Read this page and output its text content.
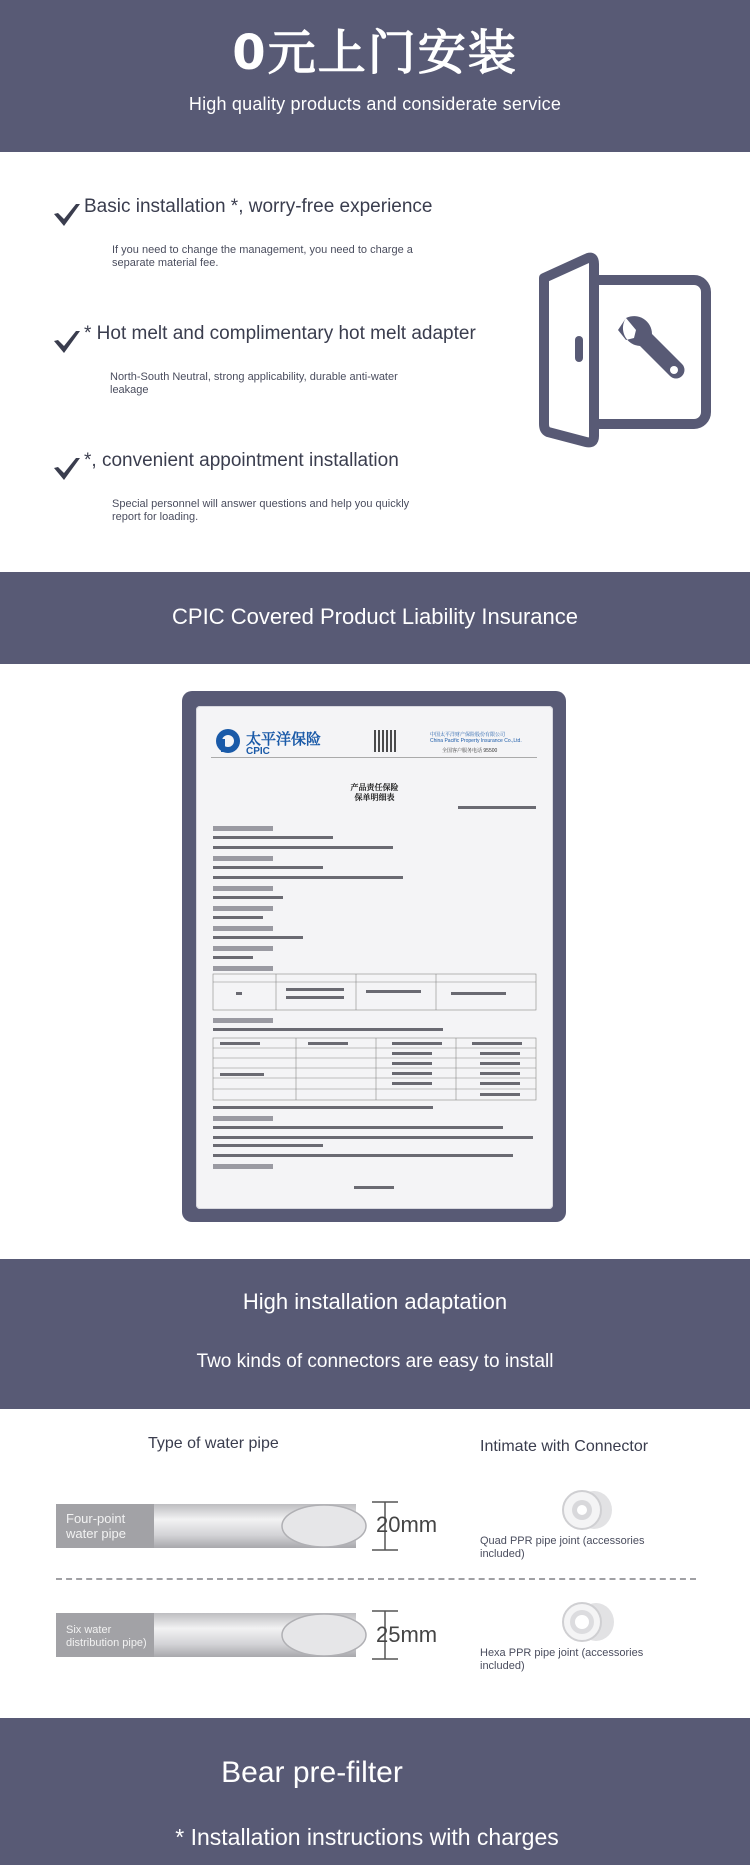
0元上门安装
High quality products and considerate service
Basic installation *, worry-free experience
If you need to change the management, you need to charge a separate material fee.
* Hot melt and complimentary hot melt adapter
North-South Neutral, strong applicability, durable anti-water leakage
*, convenient appointment installation
Special personnel will answer questions and help you quickly report for loading.
CPIC Covered Product Liability Insurance
太平洋保险
CPIC
中国太平洋财产保险股份有限公司
China Pacific Property Insurance Co.,Ltd.
全国客户服务电话 95500
产品责任保险
保单明细表
High installation adaptation
Two kinds of connectors are easy to install
Type of water pipe	Intimate with Connector
Four-point water pipe	20mm
Quad PPR pipe joint (accessories included)
Six water distribution pipe)	25mm
Hexa PPR pipe joint (accessories included)
Bear pre-filter
* Installation instructions with charges
